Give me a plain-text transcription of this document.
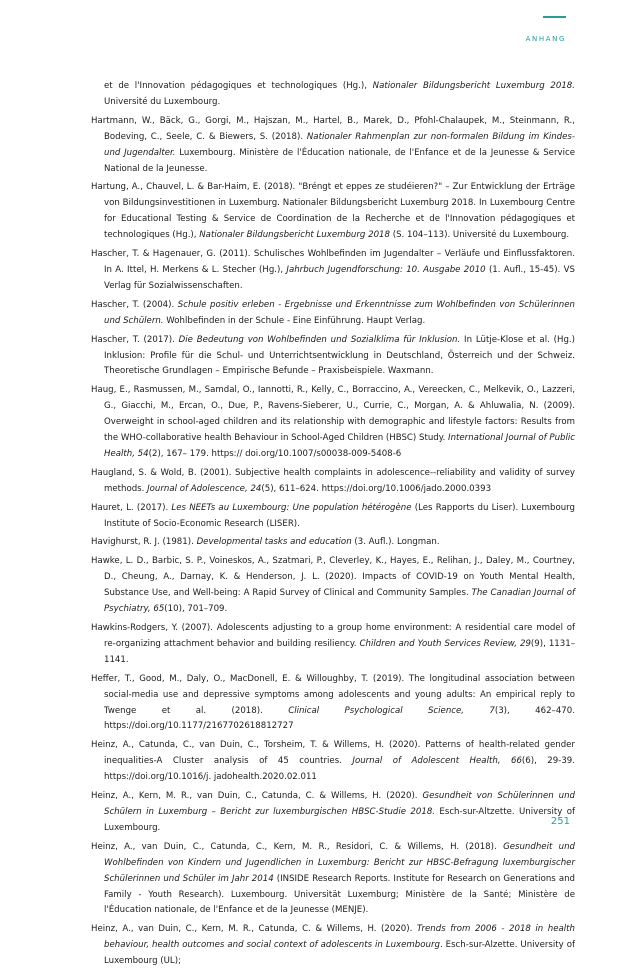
ANHANG

et de l'Innovation pédagogiques et technologiques (Hg.), Nationaler Bildungsbericht Luxemburg 2018. Université du Luxembourg.

Hartmann, W., Bäck, G., Gorgi, M., Hajszan, M., Hartel, B., Marek, D., Pfohl-Chalaupek, M., Steinmann, R., Bodeving, C., Seele, C. & Biewers, S. (2018). Nationaler Rahmenplan zur non-formalen Bildung im Kindes- und Jugendalter. Luxembourg. Ministère de l'Éducation nationale, de l'Enfance et de la Jeunesse & Service National de la Jeunesse.

Hartung, A., Chauvel, L. & Bar-Haim, E. (2018). "Bréngt et eppes ze studéieren?" – Zur Entwicklung der Erträge von Bildungsinvestitionen in Luxemburg. Nationaler Bildungsbericht Luxemburg 2018. In Luxembourg Centre for Educational Testing & Service de Coordination de la Recherche et de l'Innovation pédagogiques et technologiques (Hg.), Nationaler Bildungsbericht Luxemburg 2018 (S. 104–113). Université du Luxembourg.

Hascher, T. & Hagenauer, G. (2011). Schulisches Wohlbefinden im Jugendalter – Verläufe und Einflussfaktoren. In A. Ittel, H. Merkens & L. Stecher (Hg.), Jahrbuch Jugendforschung: 10. Ausgabe 2010 (1. Aufl., 15-45). VS Verlag für Sozialwissenschaften.

Hascher, T. (2004). Schule positiv erleben - Ergebnisse und Erkenntnisse zum Wohlbefinden von Schülerinnen und Schülern. Wohlbefinden in der Schule - Eine Einführung. Haupt Verlag.

Hascher, T. (2017). Die Bedeutung von Wohlbefinden und Sozialklima für Inklusion. In Lütje-Klose et al. (Hg.) Inklusion: Profile für die Schul- und Unterrichtsentwicklung in Deutschland, Österreich und der Schweiz. Theoretische Grundlagen – Empirische Befunde – Praxisbeispiele. Waxmann.

Haug, E., Rasmussen, M., Samdal, O., Iannotti, R., Kelly, C., Borraccino, A., Vereecken, C., Melkevik, O., Lazzeri, G., Giacchi, M., Ercan, O., Due, P., Ravens-Sieberer, U., Currie, C., Morgan, A. & Ahluwalia, N. (2009). Overweight in school-aged children and its relationship with demographic and lifestyle factors: Results from the WHO-collaborative health Behaviour in School-Aged Children (HBSC) Study. International Journal of Public Health, 54(2), 167– 179. https:// doi.org/10.1007/s00038-009-5408-6

Haugland, S. & Wold, B. (2001). Subjective health complaints in adolescence--reliability and validity of survey methods. Journal of Adolescence, 24(5), 611–624. https://doi.org/10.1006/jado.2000.0393

Hauret, L. (2017). Les NEETs au Luxembourg: Une population hétérogène (Les Rapports du Liser). Luxembourg Institute of Socio-Economic Research (LISER).

Havighurst, R. J. (1981). Developmental tasks and education (3. Aufl.). Longman.

Hawke, L. D., Barbic, S. P., Voineskos, A., Szatmari, P., Cleverley, K., Hayes, E., Relihan, J., Daley, M., Courtney, D., Cheung, A., Darnay, K. & Henderson, J. L. (2020). Impacts of COVID-19 on Youth Mental Health, Substance Use, and Well-being: A Rapid Survey of Clinical and Community Samples. The Canadian Journal of Psychiatry, 65(10), 701–709.

Hawkins-Rodgers, Y. (2007). Adolescents adjusting to a group home environment: A residential care model of re-organizing attachment behavior and building resiliency. Children and Youth Services Review, 29(9), 1131–1141.

Heffer, T., Good, M., Daly, O., MacDonell, E. & Willoughby, T. (2019). The longitudinal association between social-media use and depressive symptoms among adolescents and young adults: An empirical reply to Twenge et al. (2018). Clinical Psychological Science, 7(3), 462–470. https://doi.org/10.1177/2167702618812727

Heinz, A., Catunda, C., van Duin, C., Torsheim, T. & Willems, H. (2020). Patterns of health-related gender inequalities-A Cluster analysis of 45 countries. Journal of Adolescent Health, 66(6), 29-39. https://doi.org/10.1016/j. jadohealth.2020.02.011

Heinz, A., Kern, M. R., van Duin, C., Catunda, C. & Willems, H. (2020). Gesundheit von Schülerinnen und Schülern in Luxemburg – Bericht zur luxemburgischen HBSC-Studie 2018. Esch-sur-Altzette. University of Luxembourg.

Heinz, A., van Duin, C., Catunda, C., Kern, M. R., Residori, C. & Willems, H. (2018). Gesundheit und Wohlbefinden von Kindern und Jugendlichen in Luxemburg: Bericht zur HBSC-Befragung luxemburgischer Schülerinnen und Schüler im Jahr 2014 (INSIDE Research Reports. Institute for Research on Generations and Family - Youth Research). Luxembourg. Universität Luxemburg; Ministère de la Santé; Ministère de l'Éducation nationale, de l'Enfance et de la Jeunesse (MENJE).

Heinz, A., van Duin, C., Kern, M. R., Catunda, C. & Willems, H. (2020). Trends from 2006 - 2018 in health behaviour, health outcomes and social context of adolescents in Luxembourg. Esch-sur-Alzette. University of Luxembourg (UL);

251
